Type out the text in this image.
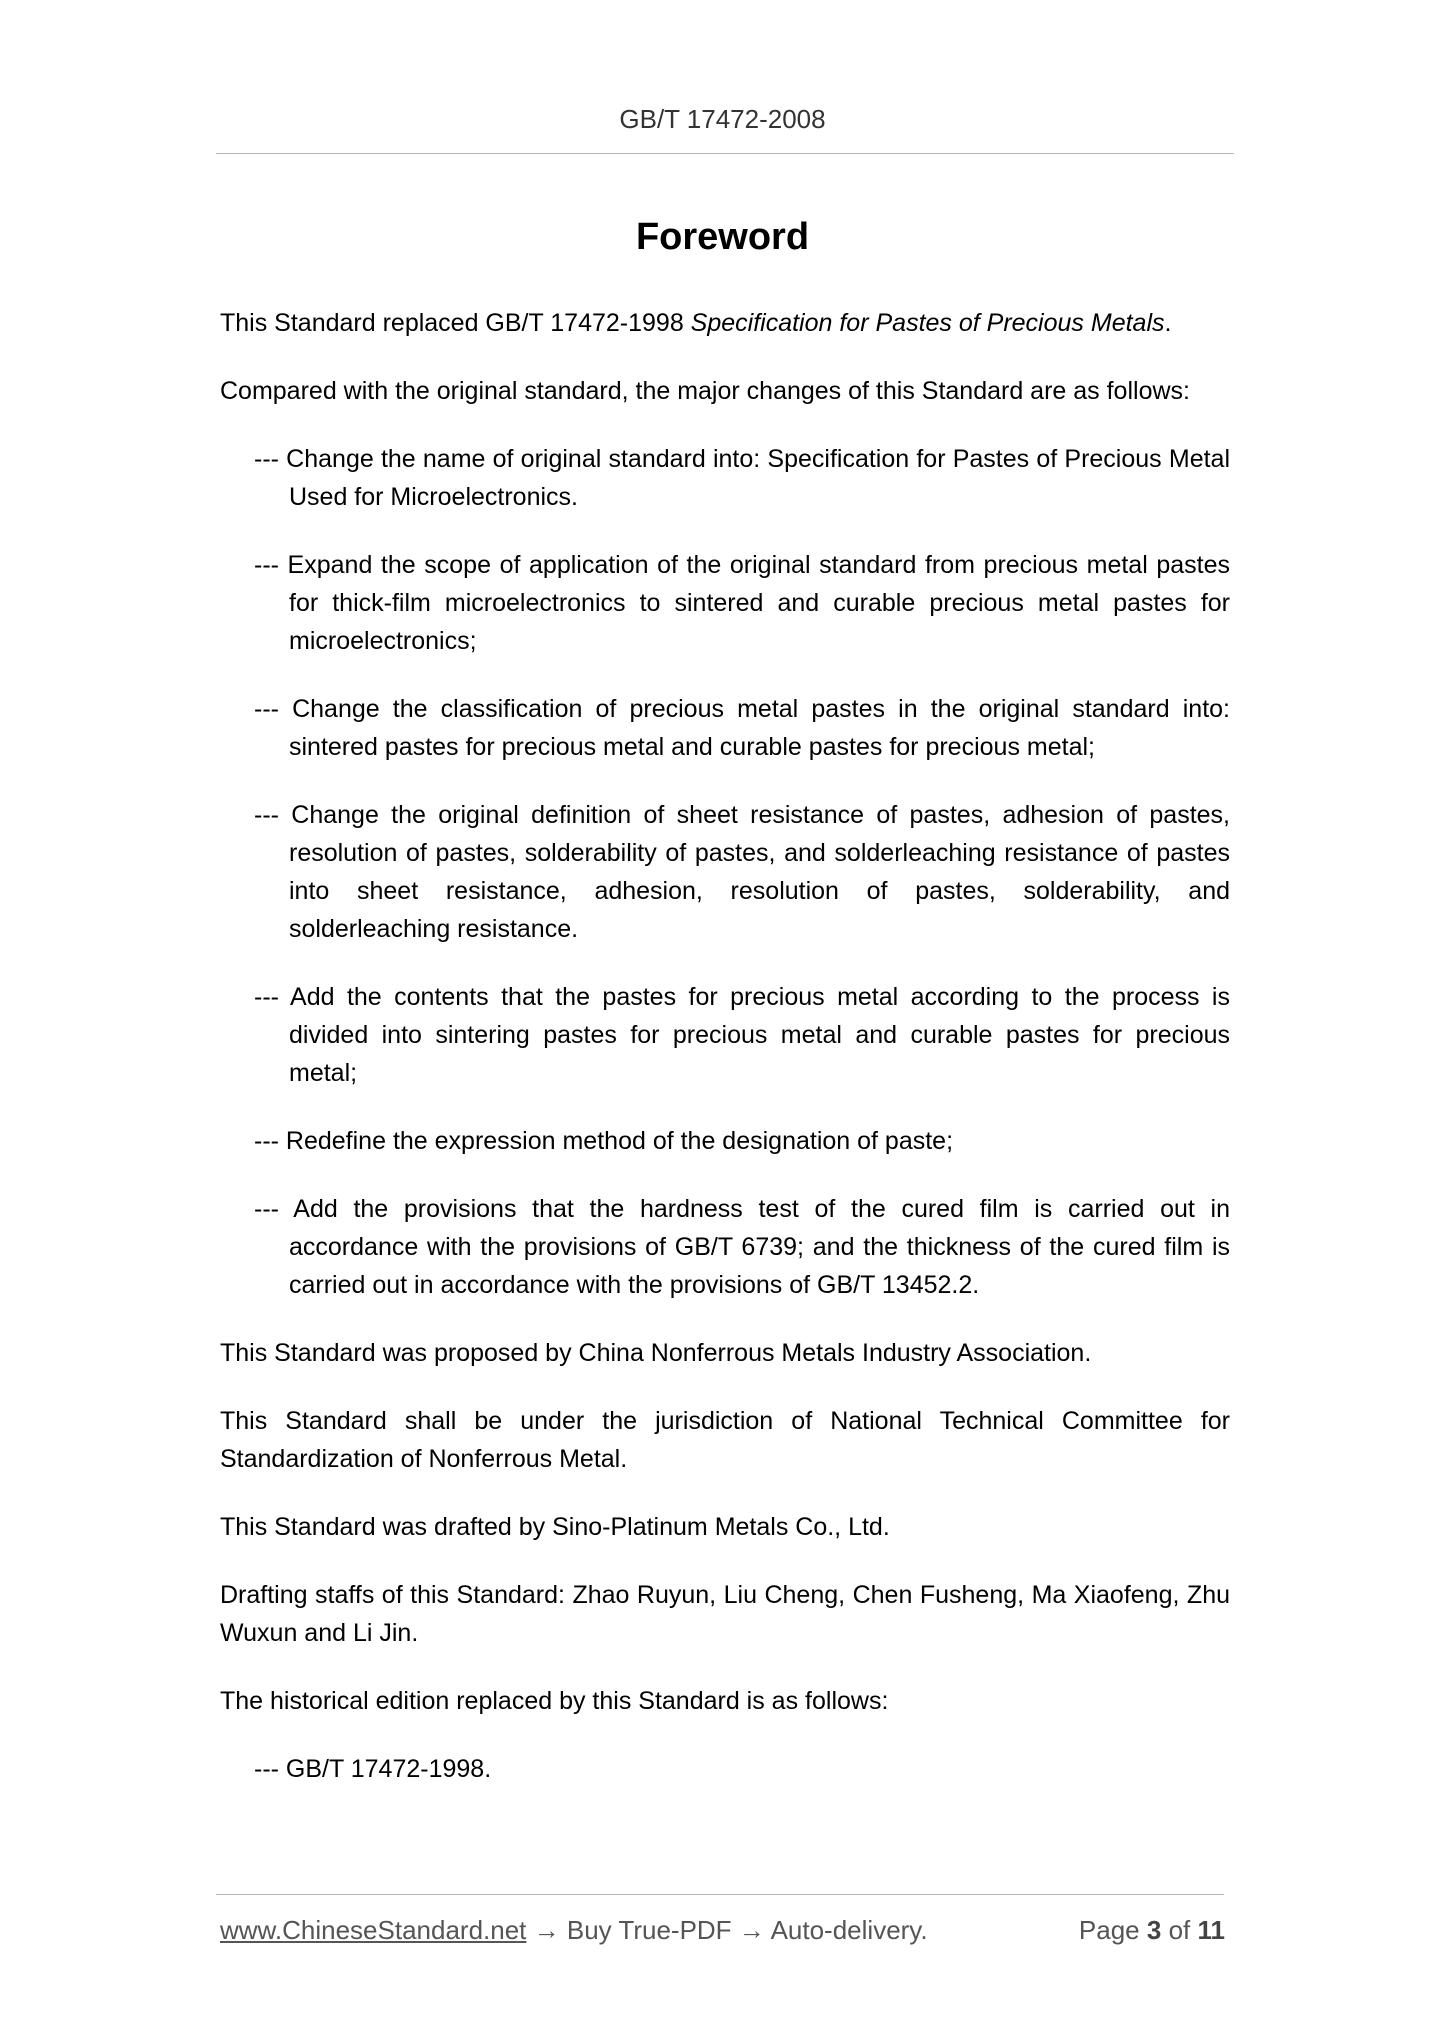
GB/T 17472-2008
Foreword
This Standard replaced GB/T 17472-1998 Specification for Pastes of Precious Metals.
Compared with the original standard, the major changes of this Standard are as follows:
--- Change the name of original standard into: Specification for Pastes of Precious Metal Used for Microelectronics.
--- Expand the scope of application of the original standard from precious metal pastes for thick-film microelectronics to sintered and curable precious metal pastes for microelectronics;
--- Change the classification of precious metal pastes in the original standard into: sintered pastes for precious metal and curable pastes for precious metal;
--- Change the original definition of sheet resistance of pastes, adhesion of pastes, resolution of pastes, solderability of pastes, and solderleaching resistance of pastes into sheet resistance, adhesion, resolution of pastes, solderability, and solderleaching resistance.
--- Add the contents that the pastes for precious metal according to the process is divided into sintering pastes for precious metal and curable pastes for precious metal;
--- Redefine the expression method of the designation of paste;
--- Add the provisions that the hardness test of the cured film is carried out in accordance with the provisions of GB/T 6739; and the thickness of the cured film is carried out in accordance with the provisions of GB/T 13452.2.
This Standard was proposed by China Nonferrous Metals Industry Association.
This Standard shall be under the jurisdiction of National Technical Committee for Standardization of Nonferrous Metal.
This Standard was drafted by Sino-Platinum Metals Co., Ltd.
Drafting staffs of this Standard: Zhao Ruyun, Liu Cheng, Chen Fusheng, Ma Xiaofeng, Zhu Wuxun and Li Jin.
The historical edition replaced by this Standard is as follows:
--- GB/T 17472-1998.
www.ChineseStandard.net → Buy True-PDF → Auto-delivery.	Page 3 of 11
